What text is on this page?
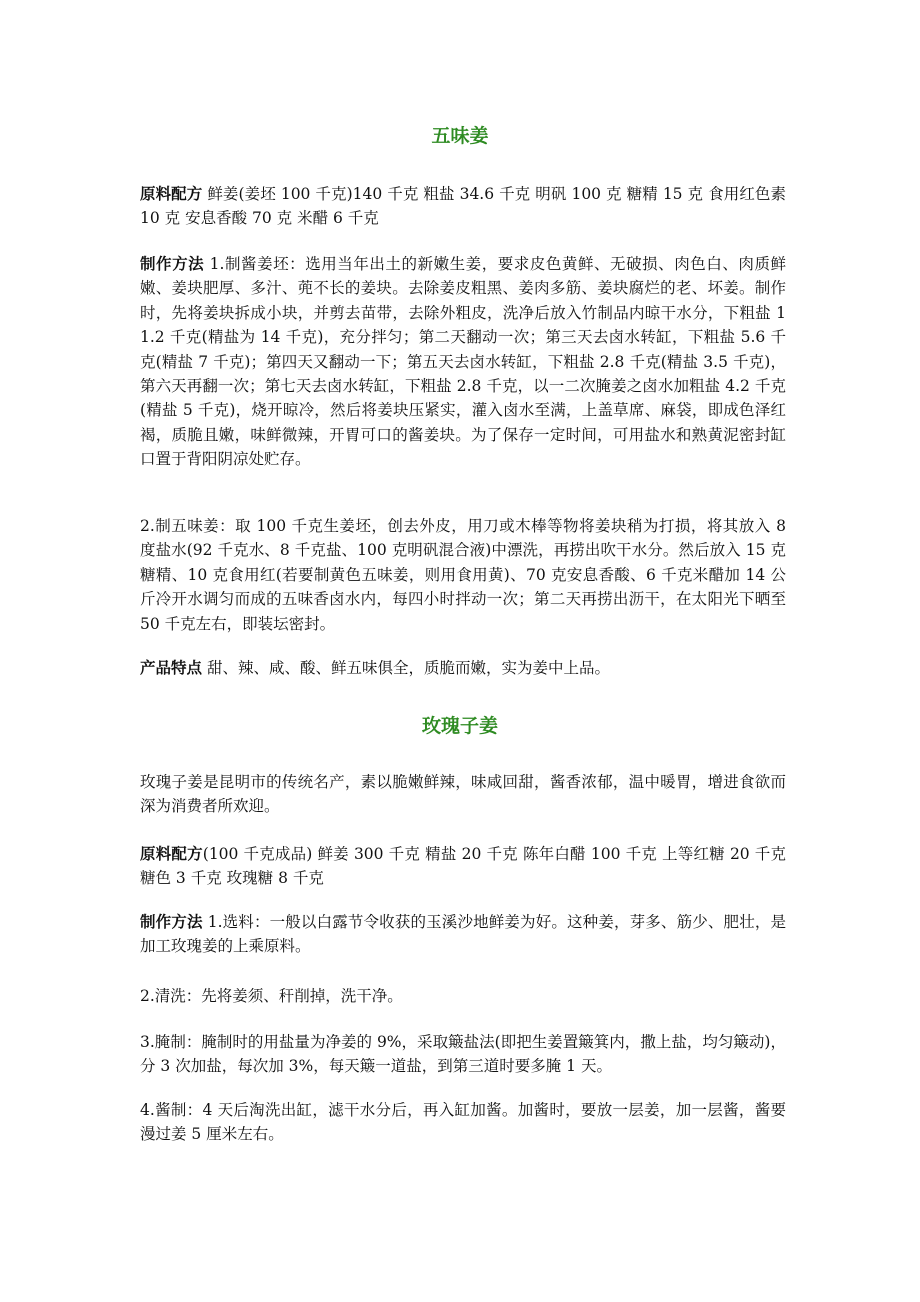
五味姜

原料配方 鲜姜(姜坯 100 千克)140 千克 粗盐 34.6 千克 明矾 100 克 糖精 15 克 食用红色素 10 克 安息香酸 70 克 米醋 6 千克

制作方法 1.制酱姜坯：选用当年出土的新嫩生姜，要求皮色黄鲜、无破损、肉色白、肉质鲜嫩、姜块肥厚、多汁、蔸不长的姜块。去除姜皮粗黑、姜肉多筋、姜块腐烂的老、坏姜。制作时，先将姜块拆成小块，并剪去苗带，去除外粗皮，洗净后放入竹制品内晾干水分，下粗盐 11.2 千克(精盐为 14 千克)，充分拌匀；第二天翻动一次；第三天去卤水转缸，下粗盐 5.6 千克(精盐 7 千克)；第四天又翻动一下；第五天去卤水转缸，下粗盐 2.8 千克(精盐 3.5 千克)，第六天再翻一次；第七天去卤水转缸，下粗盐 2.8 千克，以一二次腌姜之卤水加粗盐 4.2 千克(精盐 5 千克)，烧开晾冷，然后将姜块压紧实，灌入卤水至满，上盖草席、麻袋，即成色泽红褐，质脆且嫩，味鲜微辣，开胃可口的酱姜块。为了保存一定时间，可用盐水和熟黄泥密封缸口置于背阳阴凉处贮存。

2.制五味姜：取 100 千克生姜坯，创去外皮，用刀或木棒等物将姜块稍为打损，将其放入 8 度盐水(92 千克水、8 千克盐、100 克明矾混合液)中漂洗，再捞出吹干水分。然后放入 15 克糖精、10 克食用红(若要制黄色五味姜，则用食用黄)、70 克安息香酸、6 千克米醋加 14 公斤冷开水调匀而成的五味香卤水内，每四小时拌动一次；第二天再捞出沥干，在太阳光下晒至 50 千克左右，即装坛密封。

产品特点 甜、辣、咸、酸、鲜五味俱全，质脆而嫩，实为姜中上品。

玫瑰子姜

玫瑰子姜是昆明市的传统名产，素以脆嫩鲜辣，味咸回甜，酱香浓郁，温中暖胃，增进食欲而深为消费者所欢迎。

原料配方(100 千克成品) 鲜姜 300 千克 精盐 20 千克 陈年白醋 100 千克 上等红糖 20 千克 糖色 3 千克 玫瑰糖 8 千克

制作方法 1.选料：一般以白露节令收获的玉溪沙地鲜姜为好。这种姜，芽多、筋少、肥壮，是加工玫瑰姜的上乘原料。

2.清洗：先将姜须、秆削掉，洗干净。

3.腌制：腌制时的用盐量为净姜的 9%，采取簸盐法(即把生姜置簸箕内，撒上盐，均匀簸动)，分 3 次加盐，每次加 3%，每天簸一道盐，到第三道时要多腌 1 天。

4.酱制：4 天后淘洗出缸，滤干水分后，再入缸加酱。加酱时，要放一层姜，加一层酱，酱要漫过姜 5 厘米左右。
